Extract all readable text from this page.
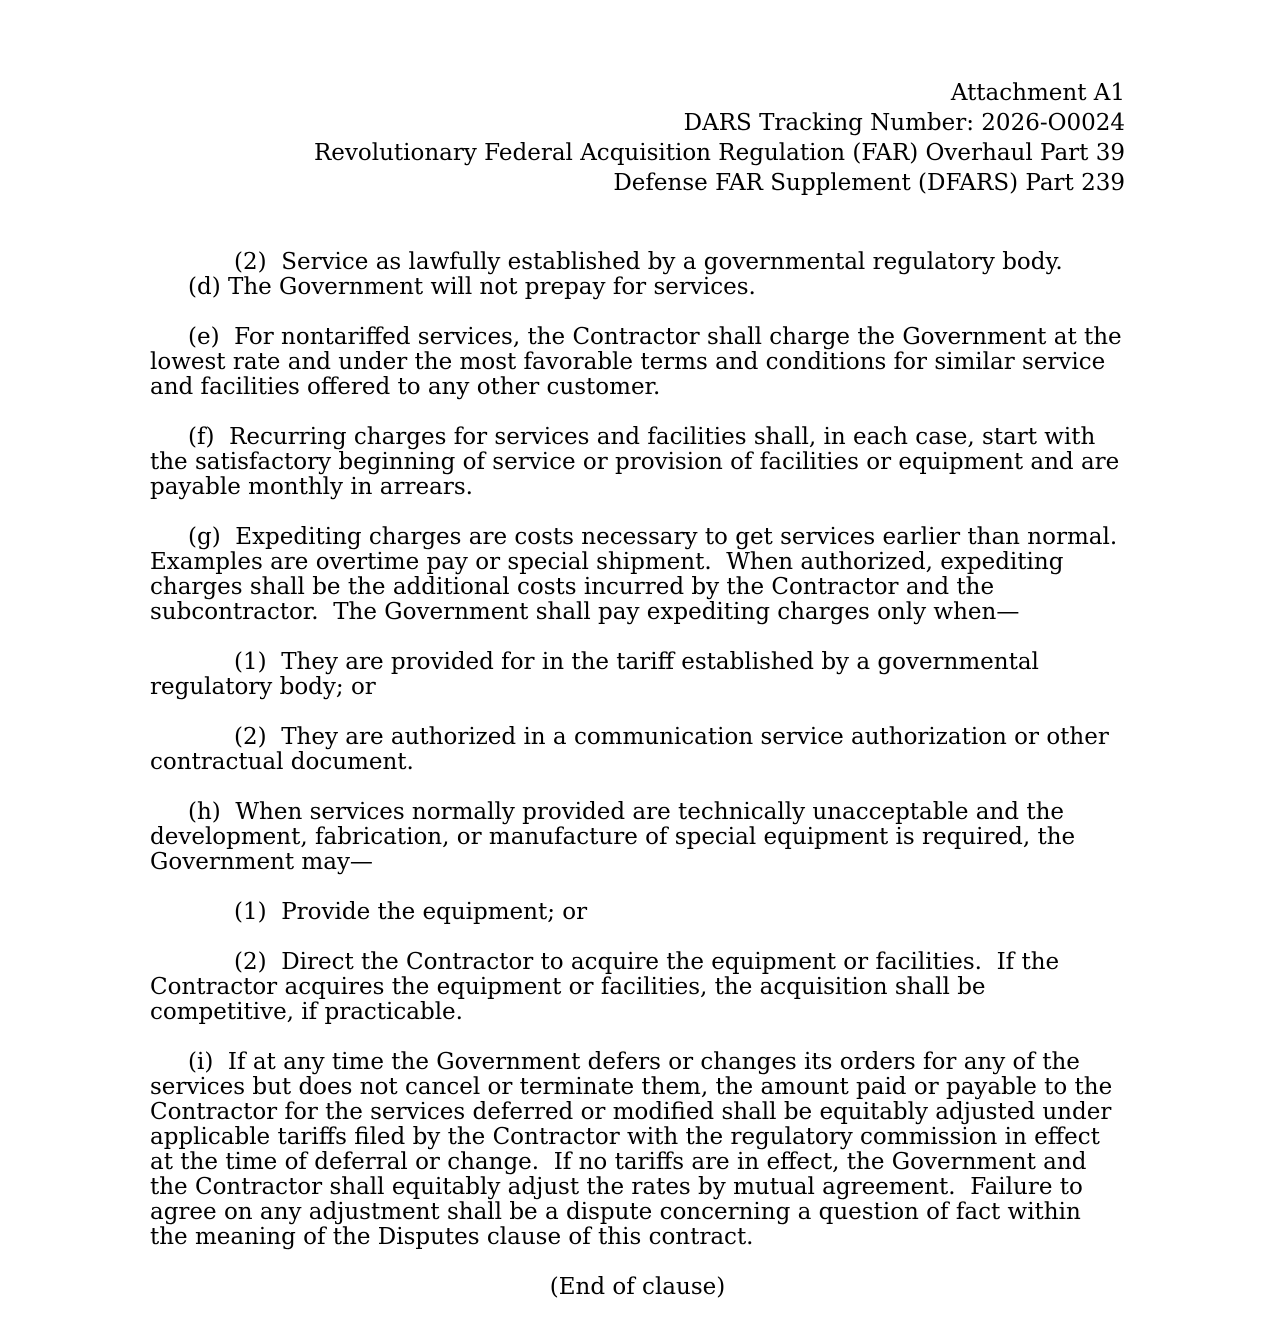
Attachment A1
DARS Tracking Number: 2026-O0024
Revolutionary Federal Acquisition Regulation (FAR) Overhaul Part 39
Defense FAR Supplement (DFARS) Part 239

(2)  Service as lawfully established by a governmental regulatory body.

(d) The Government will not prepay for services.

(e)  For nontariffed services, the Contractor shall charge the Government at the lowest rate and under the most favorable terms and conditions for similar service and facilities offered to any other customer.

(f)  Recurring charges for services and facilities shall, in each case, start with the satisfactory beginning of service or provision of facilities or equipment and are payable monthly in arrears.

(g)  Expediting charges are costs necessary to get services earlier than normal.  Examples are overtime pay or special shipment.  When authorized, expediting charges shall be the additional costs incurred by the Contractor and the subcontractor.  The Government shall pay expediting charges only when—

(1)  They are provided for in the tariff established by a governmental regulatory body; or

(2)  They are authorized in a communication service authorization or other contractual document.

(h)  When services normally provided are technically unacceptable and the development, fabrication, or manufacture of special equipment is required, the Government may—

(1)  Provide the equipment; or

(2)  Direct the Contractor to acquire the equipment or facilities.  If the Contractor acquires the equipment or facilities, the acquisition shall be competitive, if practicable.

(i)  If at any time the Government defers or changes its orders for any of the services but does not cancel or terminate them, the amount paid or payable to the Contractor for the services deferred or modified shall be equitably adjusted under applicable tariffs filed by the Contractor with the regulatory commission in effect at the time of deferral or change.  If no tariffs are in effect, the Government and the Contractor shall equitably adjust the rates by mutual agreement.  Failure to agree on any adjustment shall be a dispute concerning a question of fact within the meaning of the Disputes clause of this contract.

(End of clause)
